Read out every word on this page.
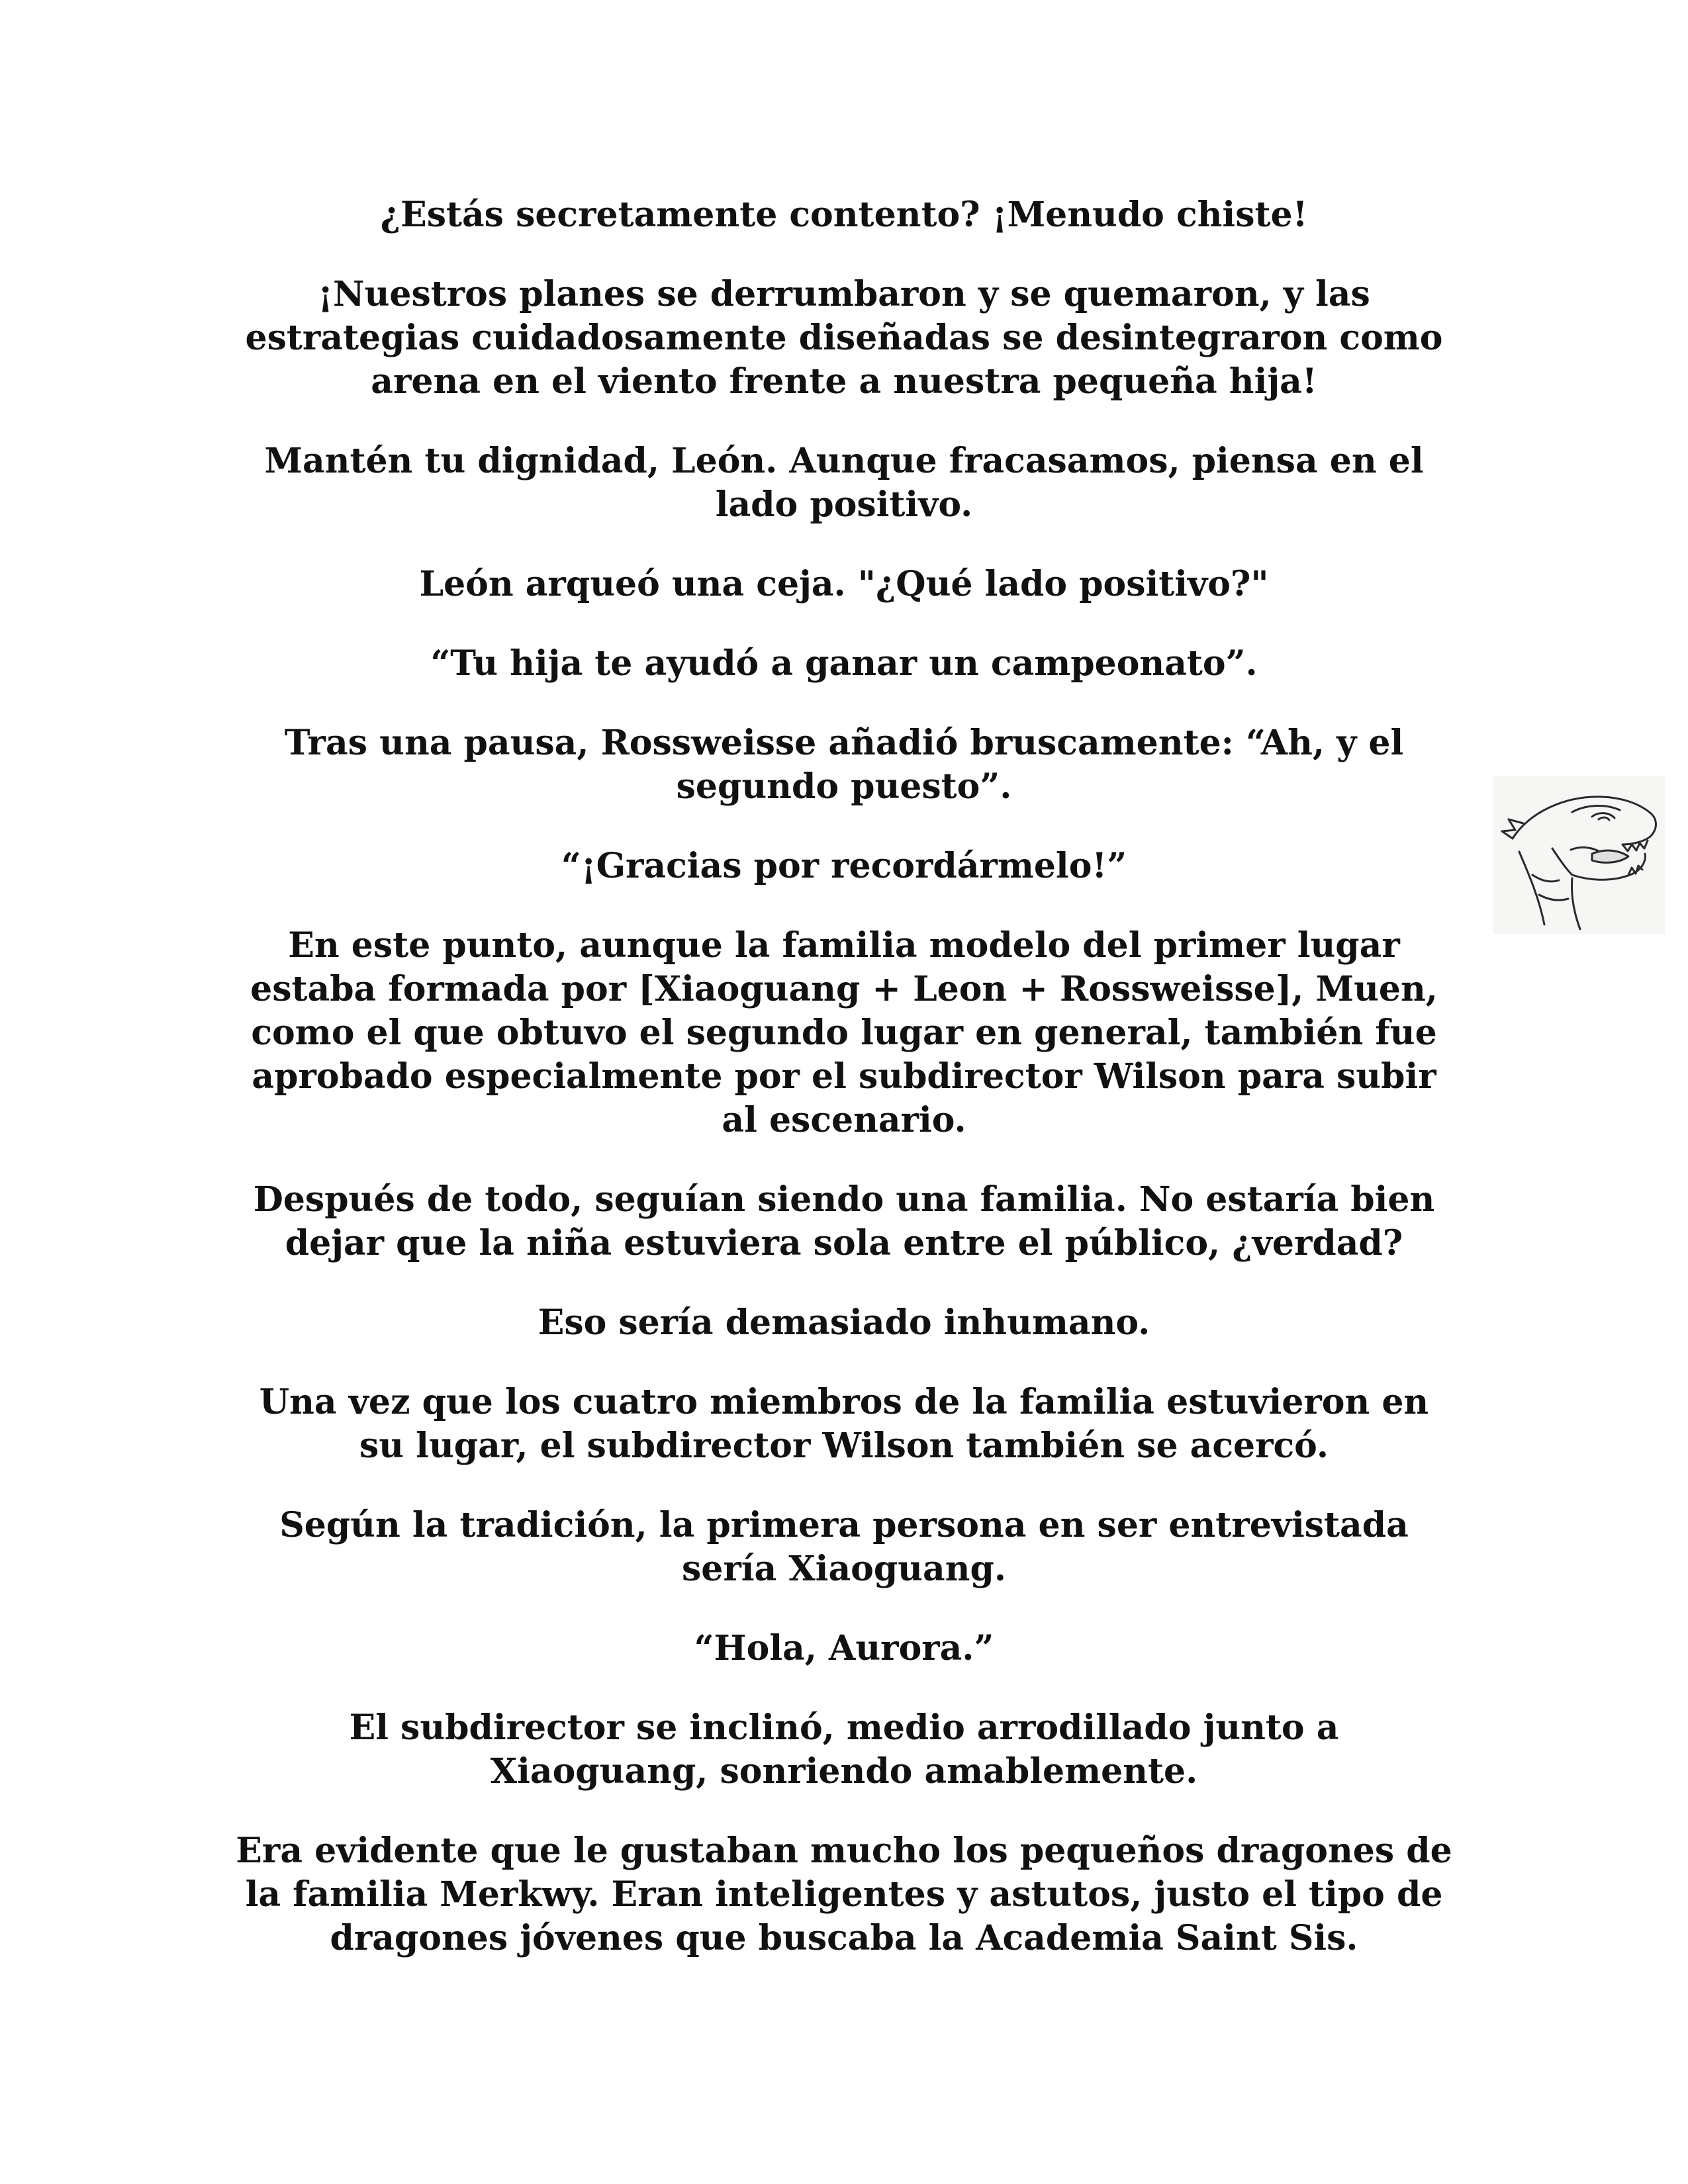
¿Estás secretamente contento? ¡Menudo chiste!

¡Nuestros planes se derrumbaron y se quemaron, y las
estrategias cuidadosamente diseñadas se desintegraron como
arena en el viento frente a nuestra pequeña hija!

Mantén tu dignidad, León. Aunque fracasamos, piensa en el
lado positivo.

León arqueó una ceja. "¿Qué lado positivo?"

“Tu hija te ayudó a ganar un campeonato”.

Tras una pausa, Rossweisse añadió bruscamente: “Ah, y el
segundo puesto”.

“¡Gracias por recordármelo!”

En este punto, aunque la familia modelo del primer lugar
estaba formada por [Xiaoguang + Leon + Rossweisse], Muen,
como el que obtuvo el segundo lugar en general, también fue
aprobado especialmente por el subdirector Wilson para subir
al escenario.

Después de todo, seguían siendo una familia. No estaría bien
dejar que la niña estuviera sola entre el público, ¿verdad?

Eso sería demasiado inhumano.

Una vez que los cuatro miembros de la familia estuvieron en
su lugar, el subdirector Wilson también se acercó.

Según la tradición, la primera persona en ser entrevistada
sería Xiaoguang.

“Hola, Aurora.”

El subdirector se inclinó, medio arrodillado junto a
Xiaoguang, sonriendo amablemente.

Era evidente que le gustaban mucho los pequeños dragones de
la familia Merkwy. Eran inteligentes y astutos, justo el tipo de
dragones jóvenes que buscaba la Academia Saint Sis.
